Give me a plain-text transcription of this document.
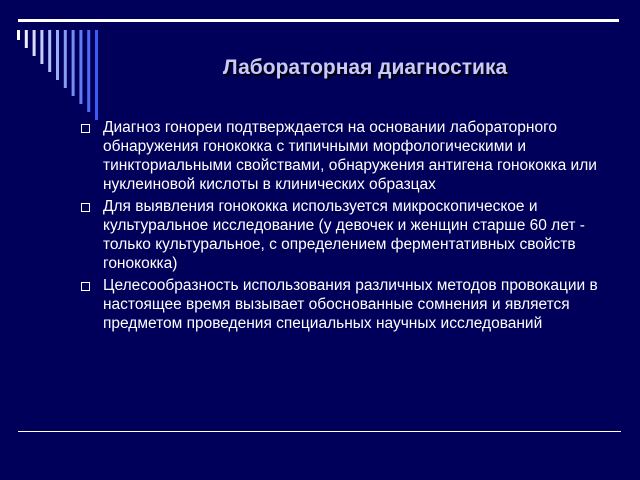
Лабораторная диагностика
Диагноз гонореи подтверждается на основании лабораторного обнаружения гонококка с типичными морфологическими и тинкториальными свойствами, обнаружения антигена гонококка или нуклеиновой кислоты в клинических образцах
Для выявления гонококка используется микроскопическое и культуральное исследование (у девочек и женщин старше 60 лет - только культуральное, с определением ферментативных свойств гонококка)
Целесообразность использования различных методов провокации в настоящее время вызывает обоснованные сомнения и является предметом проведения специальных научных исследований
